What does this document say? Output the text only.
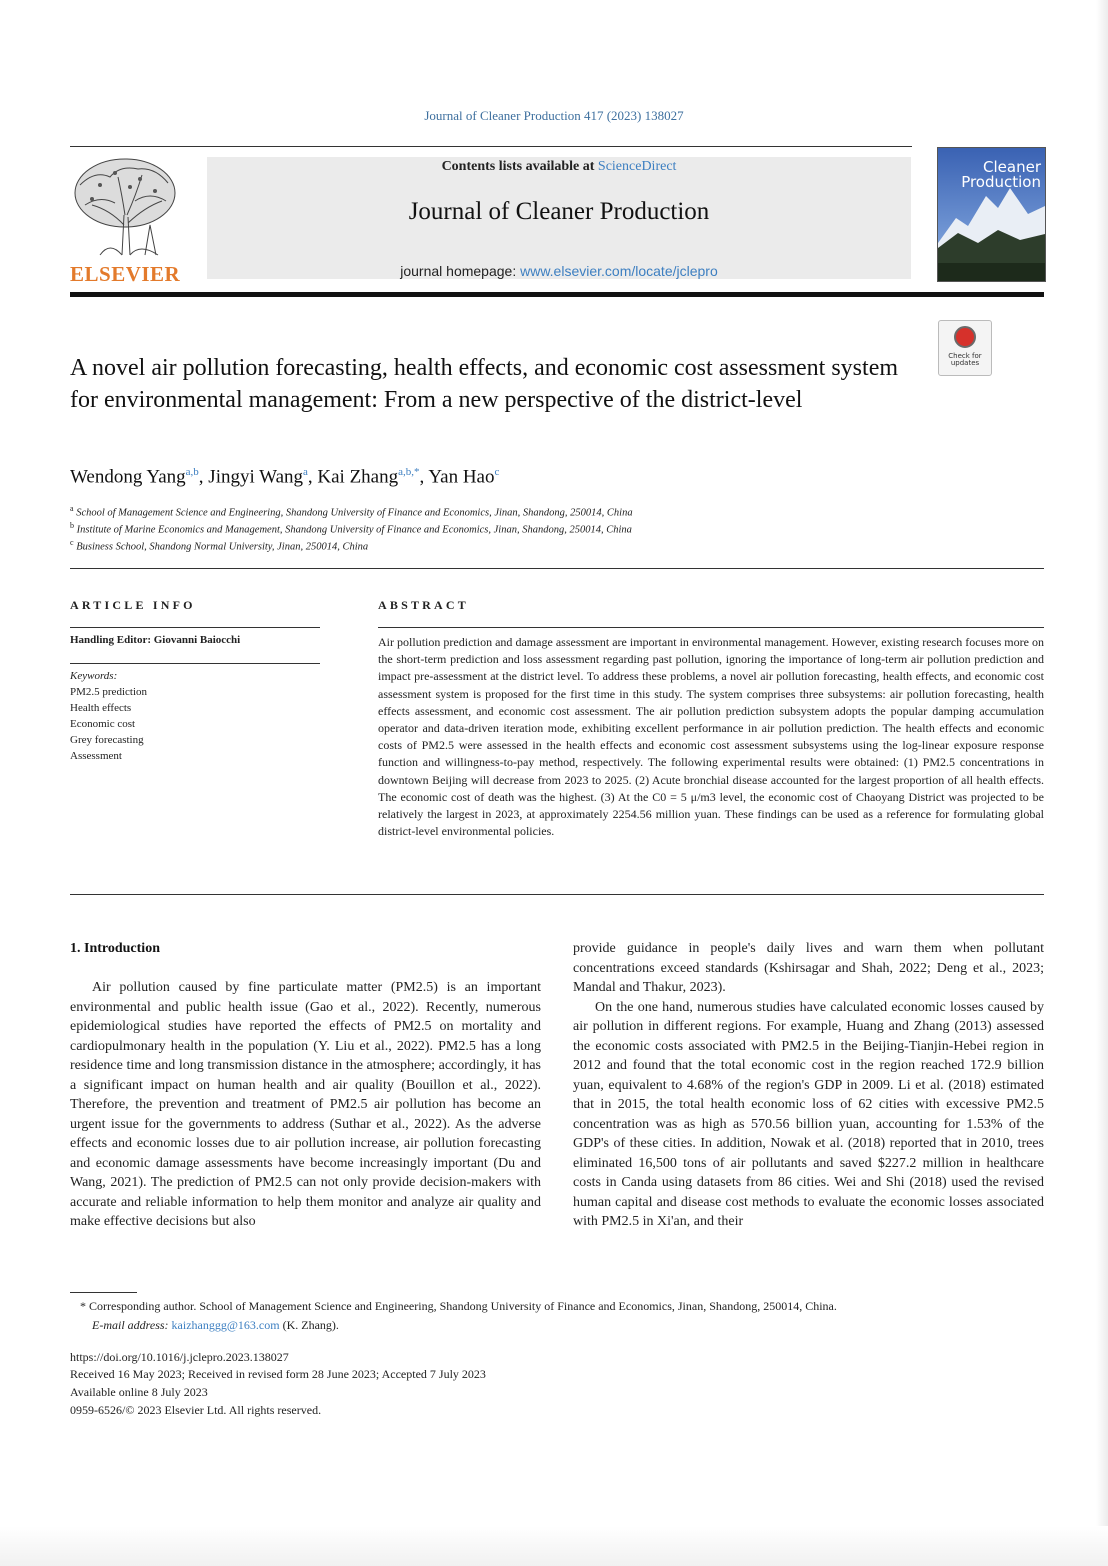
Journal of Cleaner Production 417 (2023) 138027
ELSEVIER
Contents lists available at ScienceDirect
Journal of Cleaner Production
journal homepage: www.elsevier.com/locate/jclepro
Cleaner
Production
Check for
updates
A novel air pollution forecasting, health effects, and economic cost assessment system for environmental management: From a new perspective of the district-level
Wendong Yang$^{a,b}$, Jingyi Wang$^a$, Kai Zhang$^{a,b,*}$, Yan Hao$^c$
$^a$ School of Management Science and Engineering, Shandong University of Finance and Economics, Jinan, Shandong, 250014, China
$^b$ Institute of Marine Economics and Management, Shandong University of Finance and Economics, Jinan, Shandong, 250014, China
$^c$ Business School, Shandong Normal University, Jinan, 250014, China
ARTICLE INFO
Handling Editor: Giovanni Baiocchi
Keywords:
PM2.5 prediction
Health effects
Economic cost
Grey forecasting
Assessment
ABSTRACT
Air pollution prediction and damage assessment are important in environmental management. However, existing research focuses more on the short-term prediction and loss assessment regarding past pollution, ignoring the importance of long-term air pollution prediction and impact pre-assessment at the district level. To address these problems, a novel air pollution forecasting, health effects, and economic cost assessment system is proposed for the first time in this study. The system comprises three subsystems: air pollution forecasting, health effects assessment, and economic cost assessment. The air pollution prediction subsystem adopts the popular damping accumulation operator and data-driven iteration mode, exhibiting excellent performance in air pollution prediction. The health effects and economic costs of PM2.5 were assessed in the health effects and economic cost assessment subsystems using the log-linear exposure response function and willingness-to-pay method, respectively. The following experimental results were obtained: (1) PM2.5 concentrations in downtown Beijing will decrease from 2023 to 2025. (2) Acute bronchial disease accounted for the largest proportion of all health effects. The economic cost of death was the highest. (3) At the C0 = 5 μ/m3 level, the economic cost of Chaoyang District was projected to be relatively the largest in 2023, at approximately 2254.56 million yuan. These findings can be used as a reference for formulating global district-level environmental policies.
1. Introduction

Air pollution caused by fine particulate matter (PM2.5) is an important environmental and public health issue (Gao et al., 2022). Recently, numerous epidemiological studies have reported the effects of PM2.5 on mortality and cardiopulmonary health in the population (Y. Liu et al., 2022). PM2.5 has a long residence time and long transmission distance in the atmosphere; accordingly, it has a significant impact on human health and air quality (Bouillon et al., 2022). Therefore, the prevention and treatment of PM2.5 air pollution has become an urgent issue for the governments to address (Suthar et al., 2022). As the adverse effects and economic losses due to air pollution increase, air pollution forecasting and economic damage assessments have become increasingly important (Du and Wang, 2021). The prediction of PM2.5 can not only provide decision-makers with accurate and reliable information to help them monitor and analyze air quality and make effective decisions but also

provide guidance in people's daily lives and warn them when pollutant concentrations exceed standards (Kshirsagar and Shah, 2022; Deng et al., 2023; Mandal and Thakur, 2023).

On the one hand, numerous studies have calculated economic losses caused by air pollution in different regions. For example, Huang and Zhang (2013) assessed the economic costs associated with PM2.5 in the Beijing-Tianjin-Hebei region in 2012 and found that the total economic cost in the region reached 172.9 billion yuan, equivalent to 4.68% of the region's GDP in 2009. Li et al. (2018) estimated that in 2015, the total health economic loss of 62 cities with excessive PM2.5 concentration was as high as 570.56 billion yuan, accounting for 1.53% of the GDP's of these cities. In addition, Nowak et al. (2018) reported that in 2010, trees eliminated 16,500 tons of air pollutants and saved $227.2 million in healthcare costs in Canda using datasets from 86 cities. Wei and Shi (2018) used the revised human capital and disease cost methods to evaluate the economic losses associated with PM2.5 in Xi'an, and their

* Corresponding author. School of Management Science and Engineering, Shandong University of Finance and Economics, Jinan, Shandong, 250014, China.
E-mail address: kaizhanggg@163.com (K. Zhang).
https://doi.org/10.1016/j.jclepro.2023.138027
Received 16 May 2023; Received in revised form 28 June 2023; Accepted 7 July 2023
Available online 8 July 2023
0959-6526/© 2023 Elsevier Ltd. All rights reserved.
